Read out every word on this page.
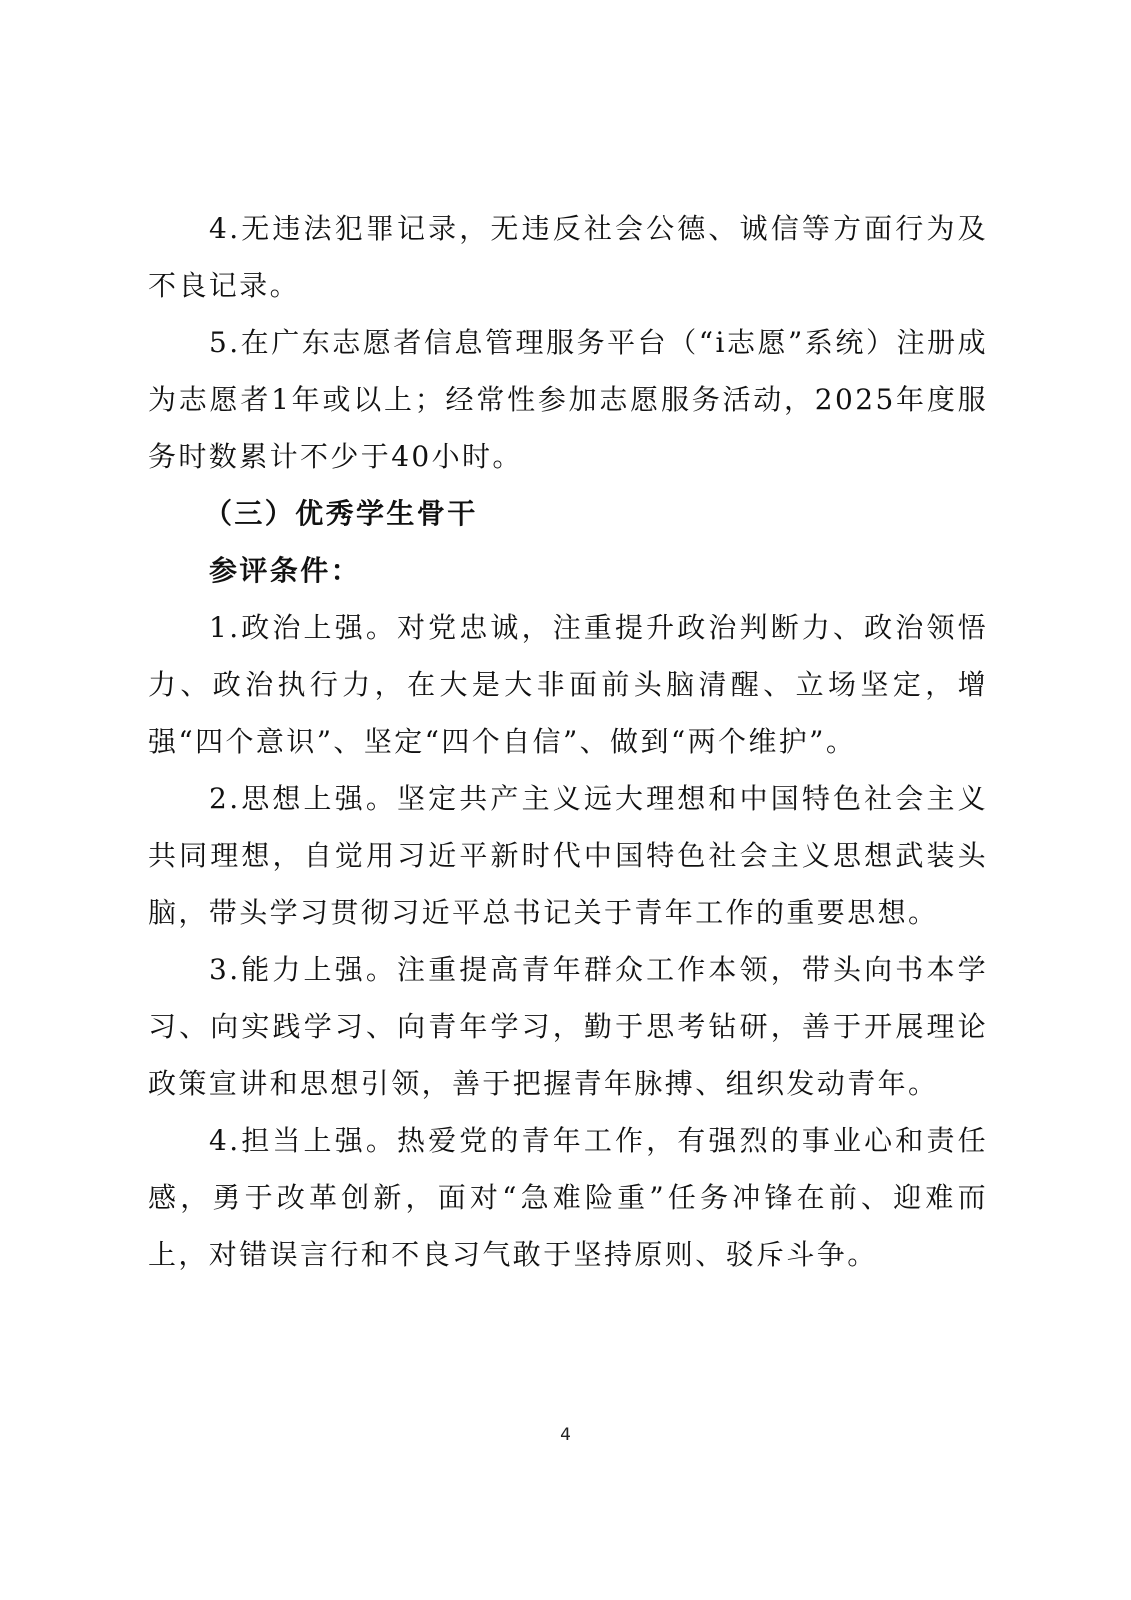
4.无违法犯罪记录，无违反社会公德、诚信等方面行为及不良记录。

5.在广东志愿者信息管理服务平台（“i志愿”系统）注册成为志愿者1年或以上；经常性参加志愿服务活动，2025年度服务时数累计不少于40小时。

（三）优秀学生骨干

参评条件：

1.政治上强。对党忠诚，注重提升政治判断力、政治领悟力、政治执行力，在大是大非面前头脑清醒、立场坚定，增强“四个意识”、坚定“四个自信”、做到“两个维护”。

2.思想上强。坚定共产主义远大理想和中国特色社会主义共同理想，自觉用习近平新时代中国特色社会主义思想武装头脑，带头学习贯彻习近平总书记关于青年工作的重要思想。

3.能力上强。注重提高青年群众工作本领，带头向书本学习、向实践学习、向青年学习，勤于思考钻研，善于开展理论政策宣讲和思想引领，善于把握青年脉搏、组织发动青年。

4.担当上强。热爱党的青年工作，有强烈的事业心和责任感，勇于改革创新，面对“急难险重”任务冲锋在前、迎难而上，对错误言行和不良习气敢于坚持原则、驳斥斗争。

4
